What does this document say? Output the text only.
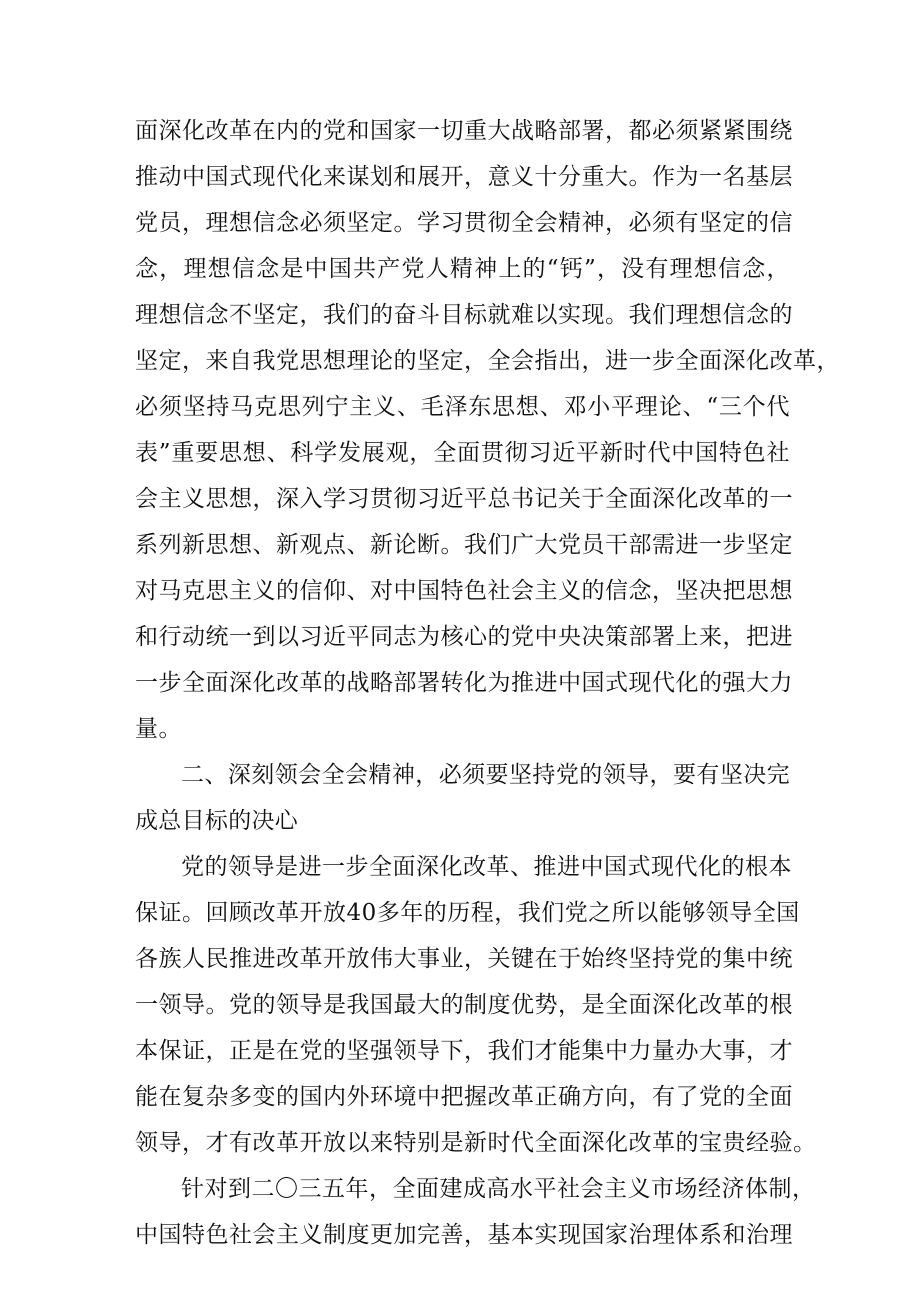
面深化改革在内的党和国家一切重大战略部署，都必须紧紧围绕
推动中国式现代化来谋划和展开，意义十分重大。作为一名基层
党员，理想信念必须坚定。学习贯彻全会精神，必须有坚定的信
念，理想信念是中国共产党人精神上的“钙”，没有理想信念，
理想信念不坚定，我们的奋斗目标就难以实现。我们理想信念的
坚定，来自我党思想理论的坚定，全会指出，进一步全面深化改革，
必须坚持马克思列宁主义、毛泽东思想、邓小平理论、“三个代
表”重要思想、科学发展观，全面贯彻习近平新时代中国特色社
会主义思想，深入学习贯彻习近平总书记关于全面深化改革的一
系列新思想、新观点、新论断。我们广大党员干部需进一步坚定
对马克思主义的信仰、对中国特色社会主义的信念，坚决把思想
和行动统一到以习近平同志为核心的党中央决策部署上来，把进
一步全面深化改革的战略部署转化为推进中国式现代化的强大力
量。
二、深刻领会全会精神，必须要坚持党的领导，要有坚决完
成总目标的决心
党的领导是进一步全面深化改革、推进中国式现代化的根本
保证。回顾改革开放40多年的历程，我们党之所以能够领导全国
各族人民推进改革开放伟大事业，关键在于始终坚持党的集中统
一领导。党的领导是我国最大的制度优势，是全面深化改革的根
本保证，正是在党的坚强领导下，我们才能集中力量办大事，才
能在复杂多变的国内外环境中把握改革正确方向，有了党的全面
领导，才有改革开放以来特别是新时代全面深化改革的宝贵经验。
针对到二〇三五年，全面建成高水平社会主义市场经济体制，
中国特色社会主义制度更加完善，基本实现国家治理体系和治理
